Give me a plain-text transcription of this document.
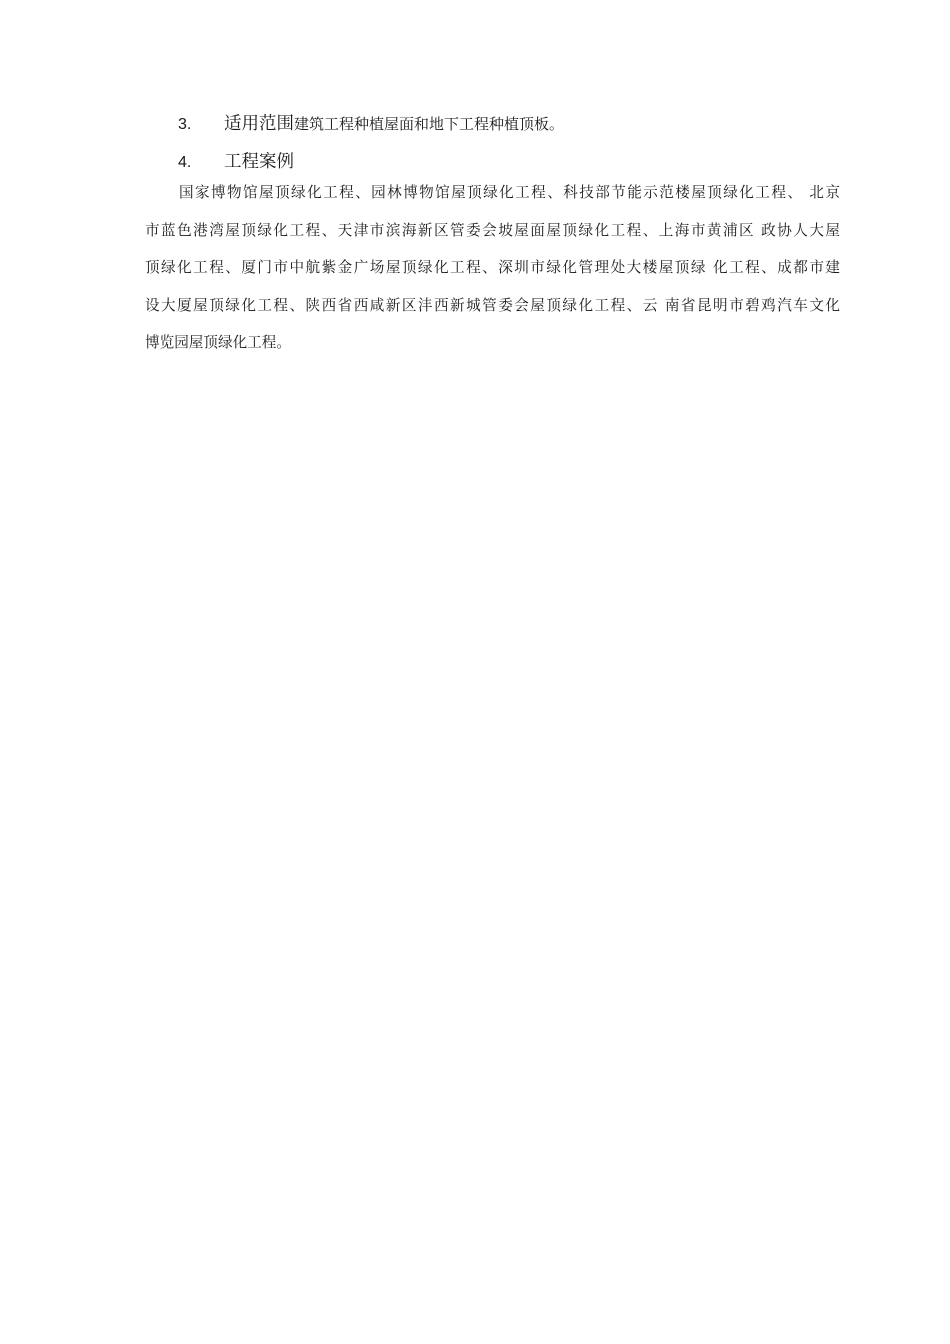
3.	适用范围 建筑工程种植屋面和地下工程种植顶板。
4.	工程案例
国家博物馆屋顶绿化工程、园林博物馆屋顶绿化工程、科技部节能示范楼屋顶绿化工程、 北京
市蓝色港湾屋顶绿化工程、天津市滨海新区管委会坡屋面屋顶绿化工程、上海市黄浦区 政协人大屋
顶绿化工程、厦门市中航紫金广场屋顶绿化工程、深圳市绿化管理处大楼屋顶绿 化工程、成都市建
设大厦屋顶绿化工程、陕西省西咸新区沣西新城管委会屋顶绿化工程、云 南省昆明市碧鸡汽车文化
博览园屋顶绿化工程。
